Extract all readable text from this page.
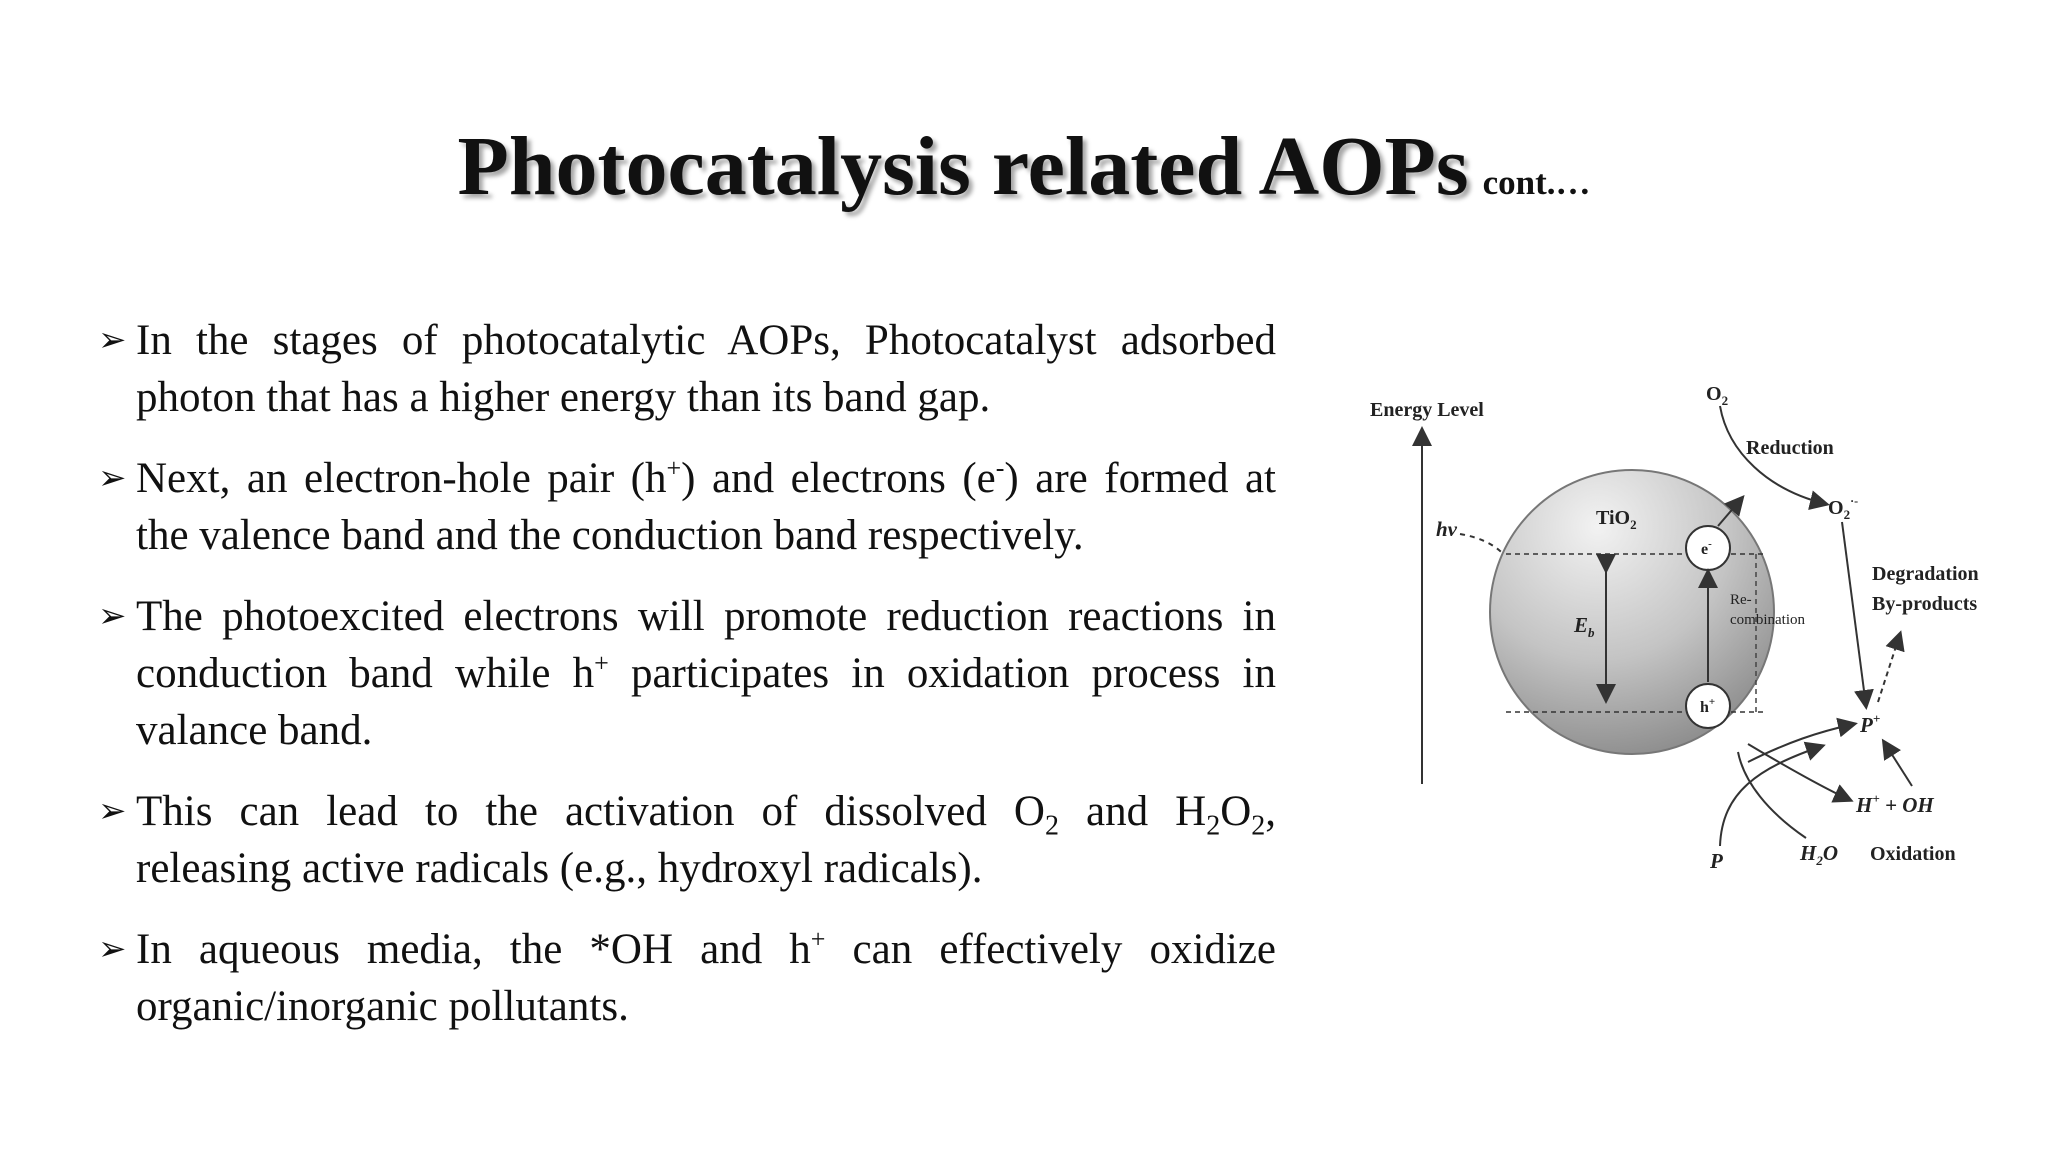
Photocatalysis related AOPs cont.…
➢ In the stages of photocatalytic AOPs, Photocatalyst adsorbed photon that has a higher energy than its band gap.
➢ Next, an electron-hole pair (h+) and electrons (e-) are formed at the valence band and the conduction band respectively.
➢ The photoexcited electrons will promote reduction reactions in conduction band while h+ participates in oxidation process in valance band.
➢ This can lead to the activation of dissolved $O_2$ and $H_2O_2$, releasing active radicals (e.g., hydroxyl radicals).
➢ In aqueous media, the *OH and h+ can effectively oxidize organic/inorganic pollutants.
Energy Level
hv	TiO$_2$
$E_b$
e-
h+
Re-
combination
$O_2$
Reduction
$O_2^{\cdot-}$
Degradation
By-products
P+
H+ + OH
P	$H_2O$ Oxidation
